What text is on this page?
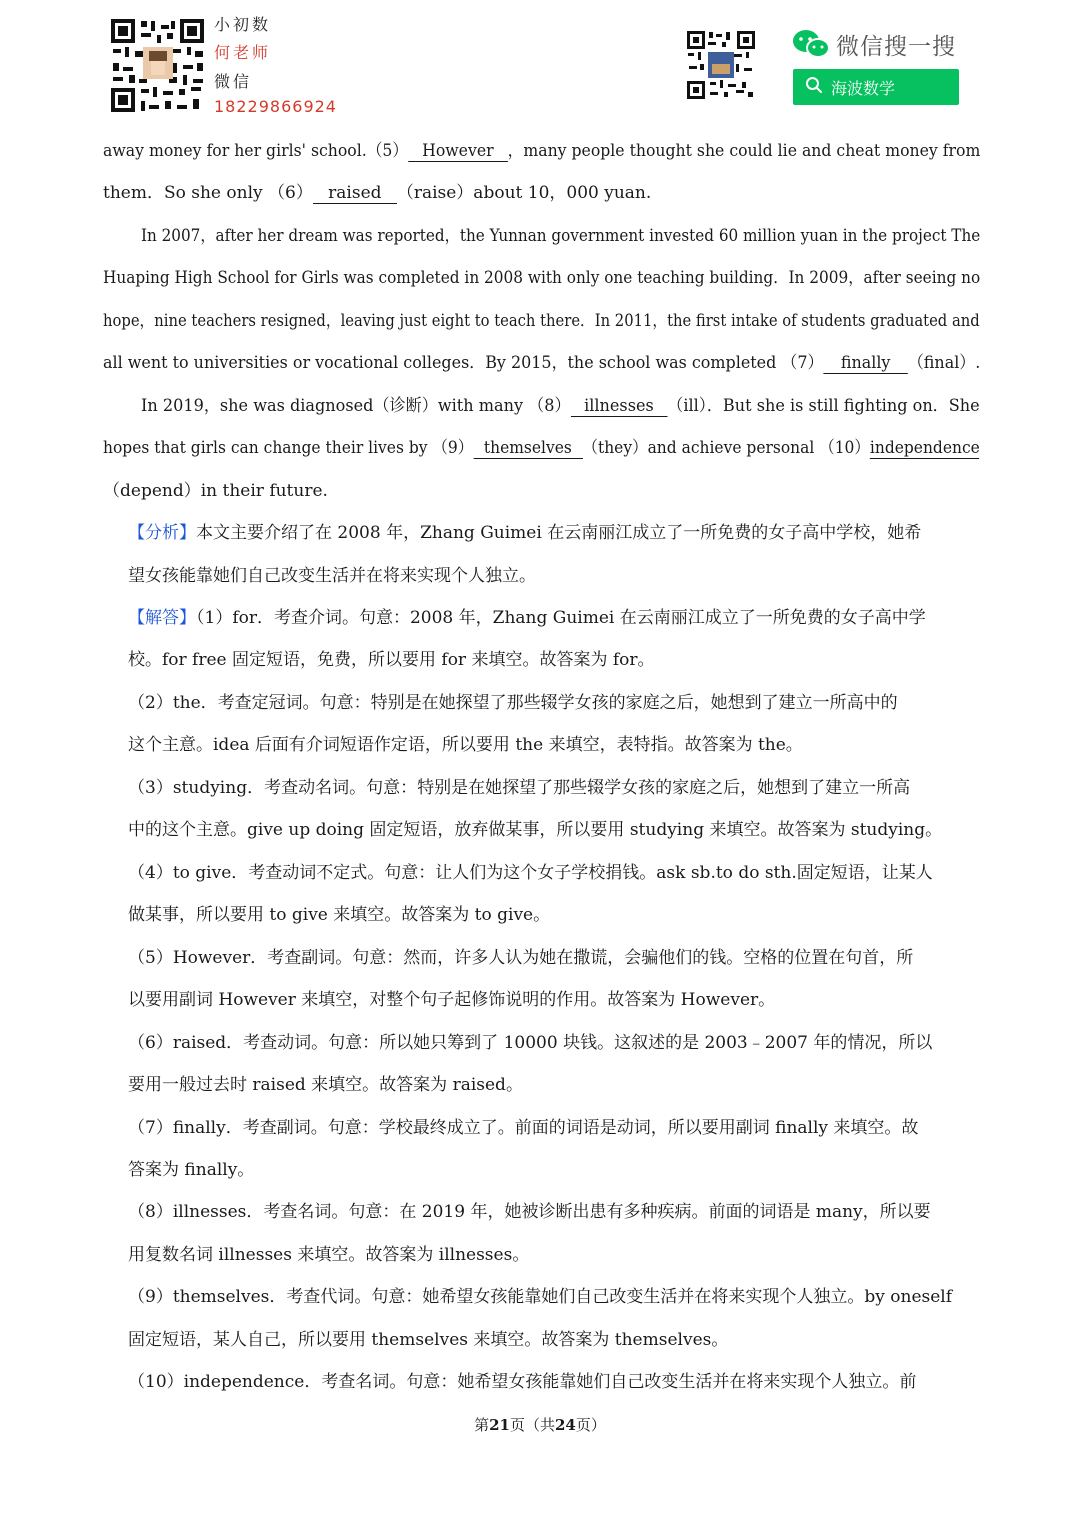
小初数
何老师
微信
18229866924
微信搜一搜
海波数学
away money for her girls' school.（5） However ，many people thought she could lie and cheat money from
them．So she only （6） raised （raise）about 10，000 yuan.
In 2007，after her dream was reported，the Yunnan government invested 60 million yuan in the project The
Huaping High School for Girls was completed in 2008 with only one teaching building．In 2009，after seeing no
hope，nine teachers resigned，leaving just eight to teach there．In 2011，the first intake of students graduated and
all went to universities or vocational colleges．By 2015，the school was completed （7） finally （final）.
In 2019，she was diagnosed（诊断）with many （8） illnesses （ill）．But she is still fighting on．She
hopes that girls can change their lives by （9） themselves （they）and achieve personal （10）independence
（depend）in their future.
【分析】本文主要介绍了在 2008 年，Zhang Guimei 在云南丽江成立了一所免费的女子高中学校，她希
望女孩能靠她们自己改变生活并在将来实现个人独立。
【解答】（1）for．考查介词。句意：2008 年，Zhang Guimei 在云南丽江成立了一所免费的女子高中学
校。for free 固定短语，免费，所以要用 for 来填空。故答案为 for。
（2）the．考查定冠词。句意：特别是在她探望了那些辍学女孩的家庭之后，她想到了建立一所高中的
这个主意。idea 后面有介词短语作定语，所以要用 the 来填空，表特指。故答案为 the。
（3）studying．考查动名词。句意：特别是在她探望了那些辍学女孩的家庭之后，她想到了建立一所高
中的这个主意。give up doing 固定短语，放弃做某事，所以要用 studying 来填空。故答案为 studying。
（4）to give．考查动词不定式。句意：让人们为这个女子学校捐钱。ask sb.to do sth.固定短语，让某人
做某事，所以要用 to give 来填空。故答案为 to give。
（5）However．考查副词。句意：然而，许多人认为她在撒谎，会骗他们的钱。空格的位置在句首，所
以要用副词 However 来填空，对整个句子起修饰说明的作用。故答案为 However。
（6）raised．考查动词。句意：所以她只筹到了 10000 块钱。这叙述的是 2003﹣2007 年的情况，所以
要用一般过去时 raised 来填空。故答案为 raised。
（7）finally．考查副词。句意：学校最终成立了。前面的词语是动词，所以要用副词 finally 来填空。故
答案为 finally。
（8）illnesses．考查名词。句意：在 2019 年，她被诊断出患有多种疾病。前面的词语是 many，所以要
用复数名词 illnesses 来填空。故答案为 illnesses。
（9）themselves．考查代词。句意：她希望女孩能靠她们自己改变生活并在将来实现个人独立。by oneself
固定短语，某人自己，所以要用 themselves 来填空。故答案为 themselves。
（10）independence．考查名词。句意：她希望女孩能靠她们自己改变生活并在将来实现个人独立。前
第21页（共24页）
